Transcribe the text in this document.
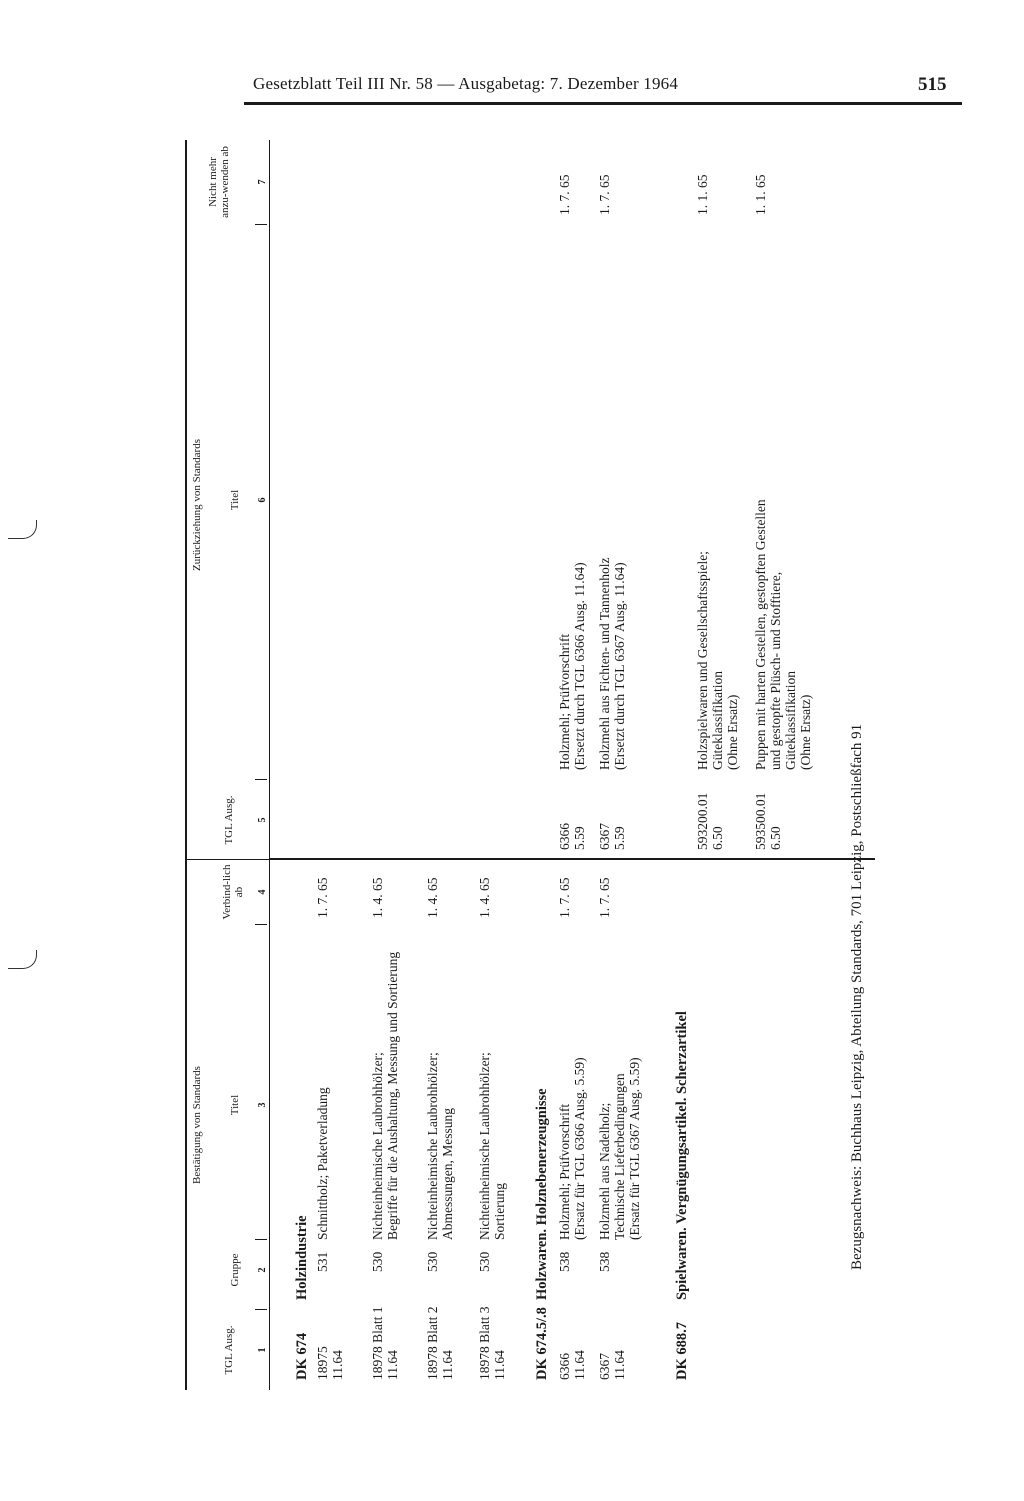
Gesetzblatt Teil III Nr. 58 — Ausgabetag: 7. Dezember 1964	515
Bestätigung von Standards
Zurückziehung von Standards
TGL Ausg.
Gruppe
Titel
Verbind-lich ab
TGL Ausg.
Titel
Nicht mehr anzu-wenden ab
1
2
3
4
5
6
7
DK 674
Holzindustrie
18975 11.64
531
Schnittholz; Paketverladung
1. 7. 65
18978 Blatt 1 11.64
530
Nichteinheimische Laubrohhölzer; Begriffe für die Aushaltung, Messung und Sortierung
1. 4. 65
18978 Blatt 2 11.64
530
Nichteinheimische Laubrohhölzer; Abmessungen, Messung
1. 4. 65
18978 Blatt 3 11.64
530
Nichteinheimische Laubrohhölzer; Sortierung
1. 4. 65
DK 674.5/.8
Holzwaren. Holznebenerzeugnisse
6366 11.64
538
Holzmehl; Prüfvorschrift (Ersatz für TGL 6366 Ausg. 5.59)
1. 7. 65
6366 5.59
Holzmehl; Prüfvorschrift (Ersetzt durch TGL 6366 Ausg. 11.64)
1. 7. 65
6367 11.64
538
Holzmehl aus Nadelholz; Technische Lieferbedingungen (Ersatz für TGL 6367 Ausg. 5.59)
1. 7. 65
6367 5.59
Holzmehl aus Fichten- und Tannenholz (Ersetzt durch TGL 6367 Ausg. 11.64)
1. 7. 65
DK 688.7
Spielwaren. Vergnügungsartikel. Scherzartikel
593200.01 6.50
Holzspielwaren und Gesellschaftsspiele; Güteklassifikation (Ohne Ersatz)
1. 1. 65
593500.01 6.50
Puppen mit harten Gestellen, gestopften Gestellen und gestopfte Plüsch- und Stofftiere, Güteklassifikation (Ohne Ersatz)
1. 1. 65
Bezugsnachweis: Buchhaus Leipzig, Abteilung Standards, 701 Leipzig, Postschließfach 91
